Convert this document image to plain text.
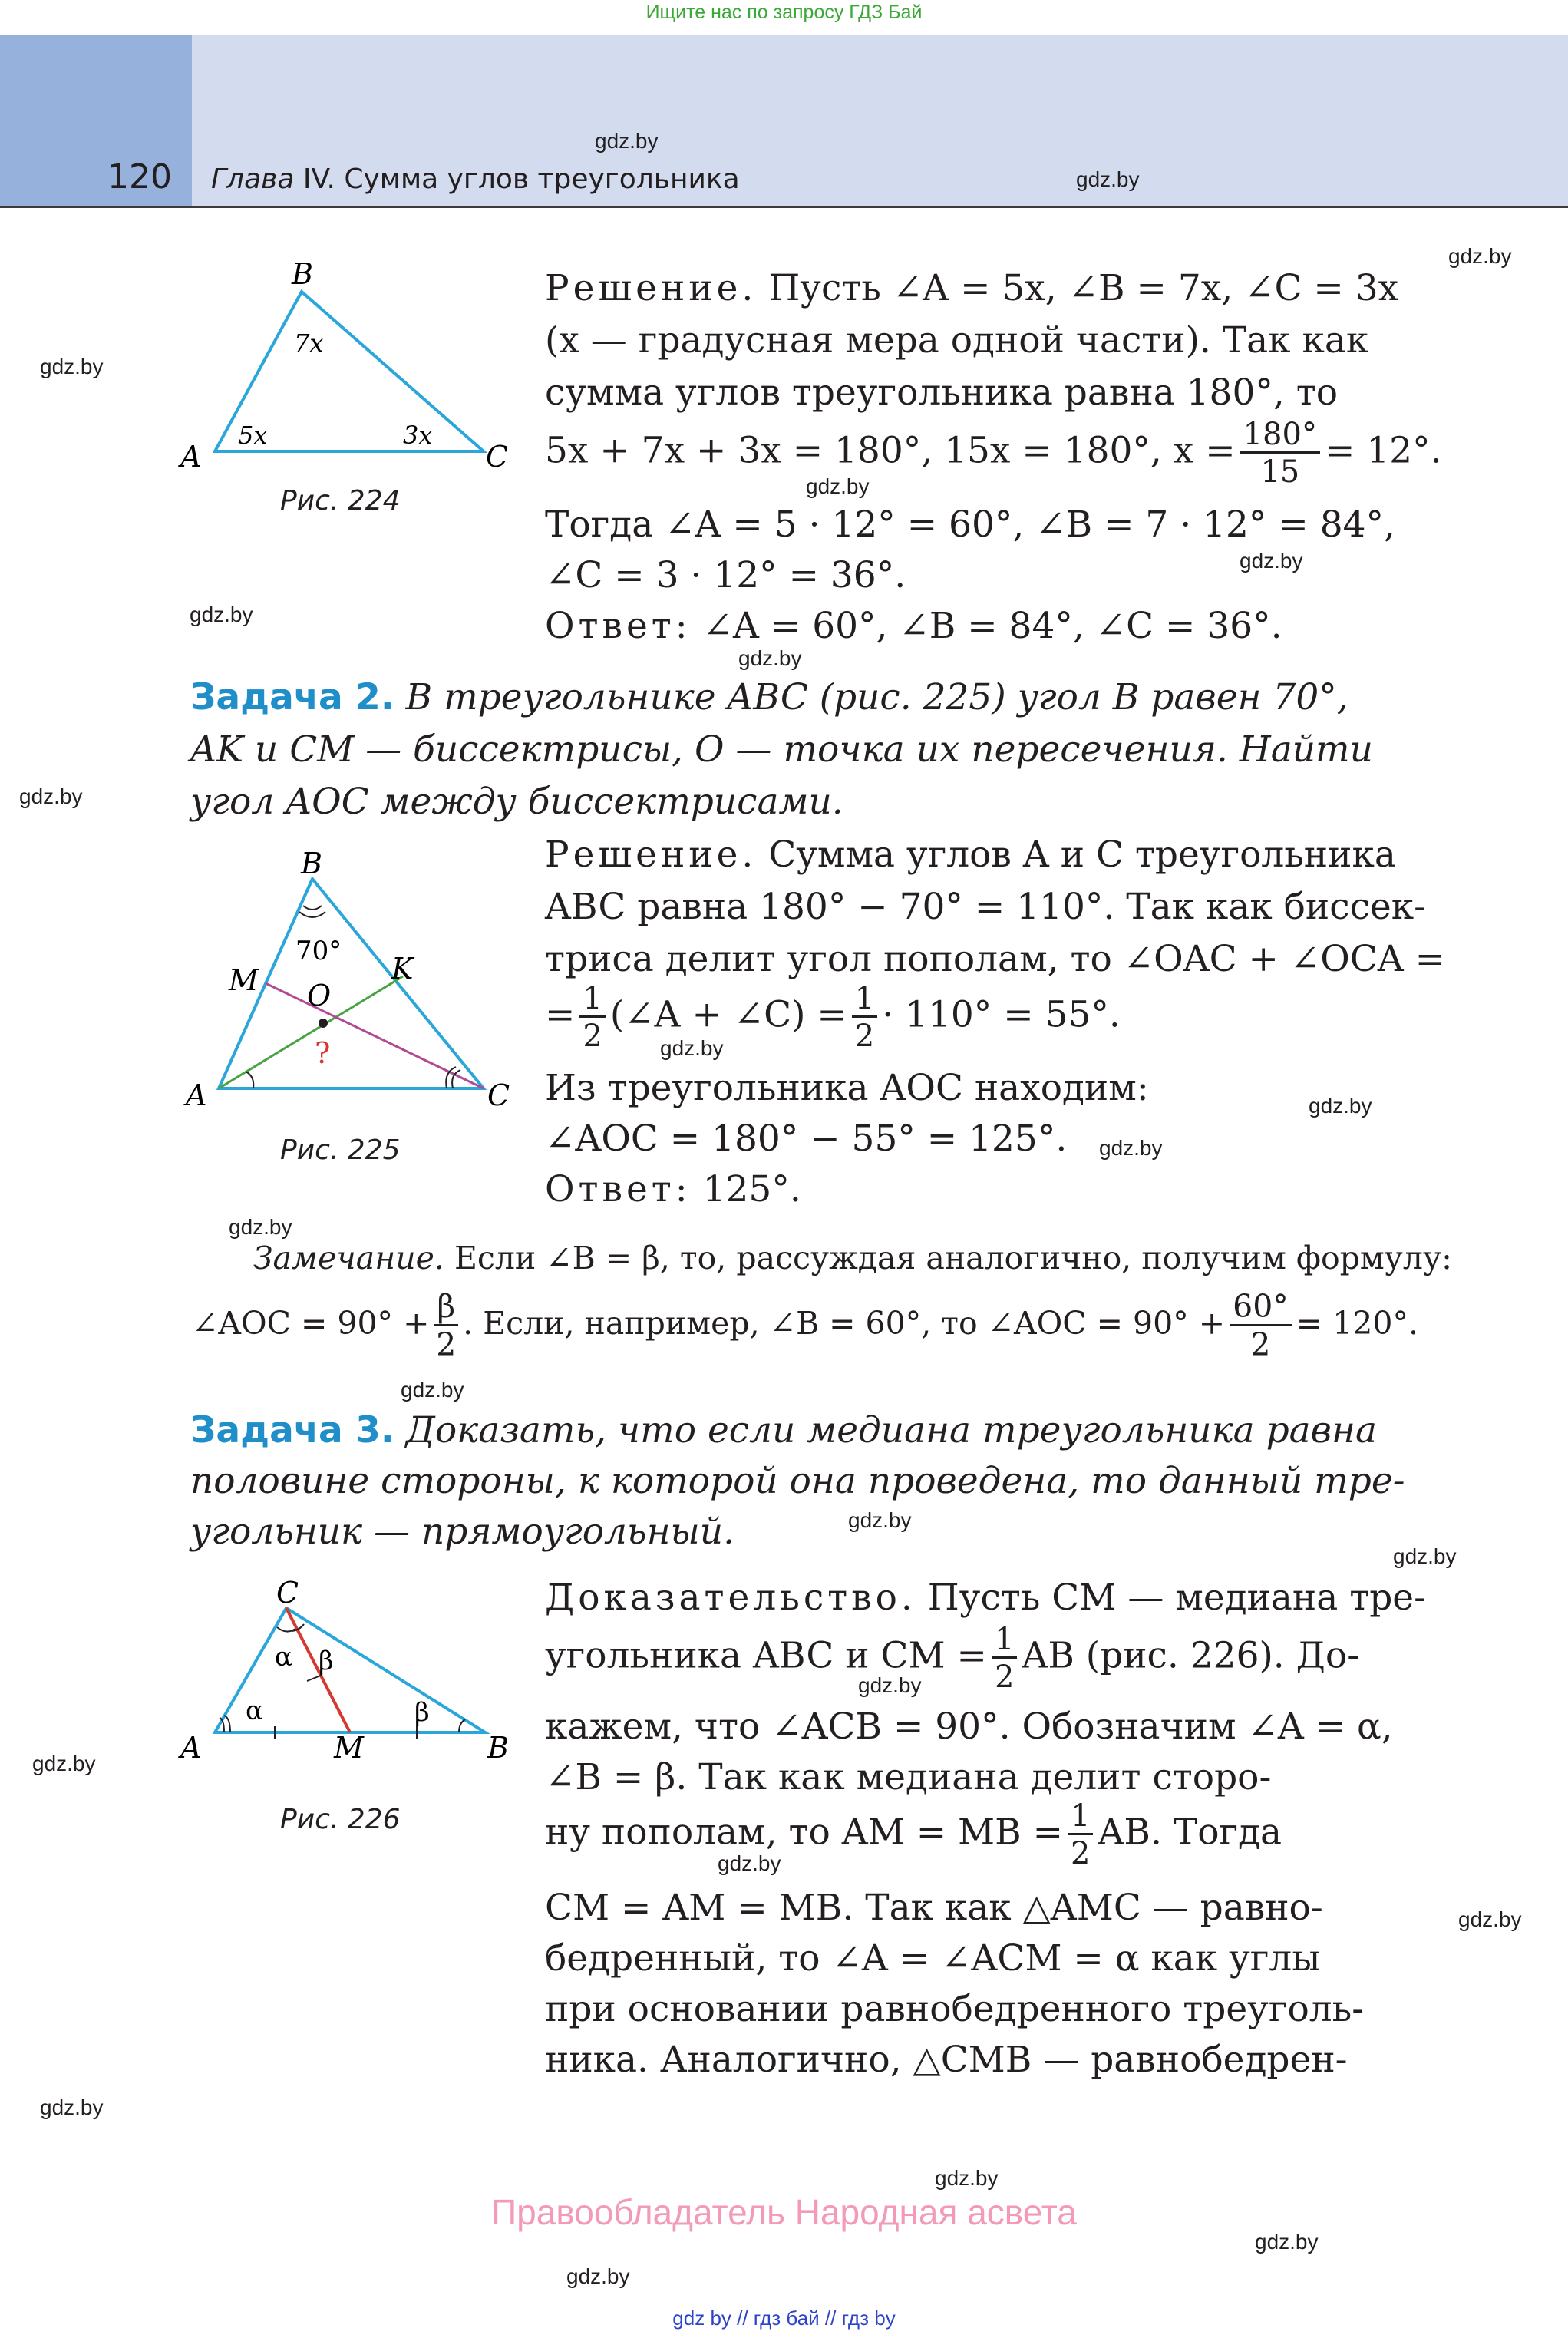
Ищите нас по запросу ГДЗ Бай
120 Глава IV. Сумма углов треугольника
gdz.by
gdz.by
gdz.by
gdz.by
gdz.by
gdz.by
gdz.by
gdz.by
gdz.by
gdz.by
gdz.by
gdz.by
gdz.by
gdz.by
gdz.by
gdz.by
gdz.by
gdz.by
gdz.by
gdz.by
gdz.by
gdz.by
gdz.by
gdz.by
B
A	C
7x
5x	3x
Рис. 224
Решение. Пусть ∠A = 5x, ∠B = 7x, ∠C = 3x
(x — градусная мера одной части). Так как
сумма углов треугольника равна 180°, то
5x + 7x + 3x = 180°, 15x = 180°, $x = \frac{180^\circ}{15} = 12^\circ$.
Тогда ∠A = 5 · 12° = 60°, ∠B = 7 · 12° = 84°,
∠C = 3 · 12° = 36°.
Ответ: ∠A = 60°, ∠B = 84°, ∠C = 36°.
Задача 2. В треугольнике ABC (рис. 225) угол B равен 70°,
AK и CM — биссектрисы, O — точка их пересечения. Найти
угол AOC между биссектрисами.
B
A	C
M	K
O
70°
?
Рис. 225
Решение. Сумма углов A и C треугольника
ABC равна 180° − 70° = 110°. Так как биссек-
триса делит угол пополам, то ∠OAC + ∠OCA =
= $\frac{1}{2}$ (∠A + ∠C) = $\frac{1}{2} \cdot 110^\circ = 55^\circ$.
Из треугольника AOC находим:
∠AOC = 180° − 55° = 125°.
Ответ: 125°.
Замечание. Если ∠B = β, то, рассуждая аналогично, получим формулу:
∠AOC = $90^\circ + \frac{\beta}{2}$ . Если, например, ∠B = 60°, то ∠AOC = $90^\circ + \frac{60^\circ}{2} = 120^\circ$.
Задача 3. Доказать, что если медиана треугольника равна
половине стороны, к которой она проведена, то данный тре-
угольник — прямоугольный.
C
A	B
M
α
α
β
β
Рис. 226
Доказательство. Пусть CM — медиана тре-
угольника ABC и CM = $\frac{1}{2}$ AB (рис. 226). До-
кажем, что ∠ACB = 90°. Обозначим ∠A = α,
∠B = β. Так как медиана делит сторо-
ну пополам, то AM = MB = $\frac{1}{2}$ AB. Тогда
CM = AM = MB. Так как △AMC — равно-
бедренный, то ∠A = ∠ACM = α как углы
при основании равнобедренного треуголь-
ника. Аналогично, △CMB — равнобедрен-
Правообладатель Народная асвета
gdz by // гдз бай // гдз by
